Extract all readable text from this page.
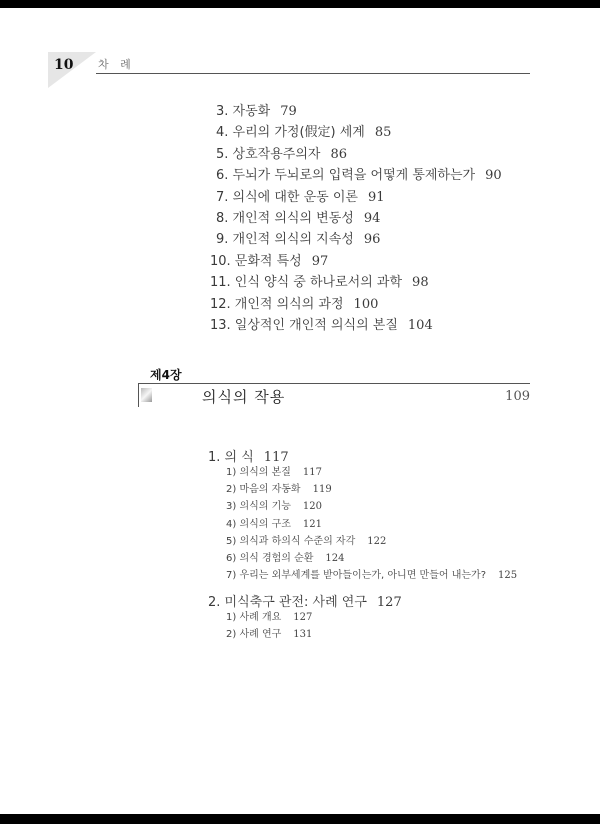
10 차 례
3. 자동화 79
4. 우리의 가정(假定) 세계 85
5. 상호작용주의자 86
6. 두뇌가 두뇌로의 입력을 어떻게 통제하는가 90
7. 의식에 대한 운동 이론 91
8. 개인적 의식의 변동성 94
9. 개인적 의식의 지속성 96
10. 문화적 특성 97
11. 인식 양식 중 하나로서의 과학 98
12. 개인적 의식의 과정 100
13. 일상적인 개인적 의식의 본질 104
제4장
의식의 작용	109
1. 의 식 117
1) 의식의 본질 117
2) 마음의 자동화 119
3) 의식의 기능 120
4) 의식의 구조 121
5) 의식과 하의식 수준의 자각 122
6) 의식 경험의 순환 124
7) 우리는 외부세계를 받아들이는가, 아니면 만들어 내는가? 125
2. 미식축구 관전: 사례 연구 127
1) 사례 개요 127
2) 사례 연구 131
